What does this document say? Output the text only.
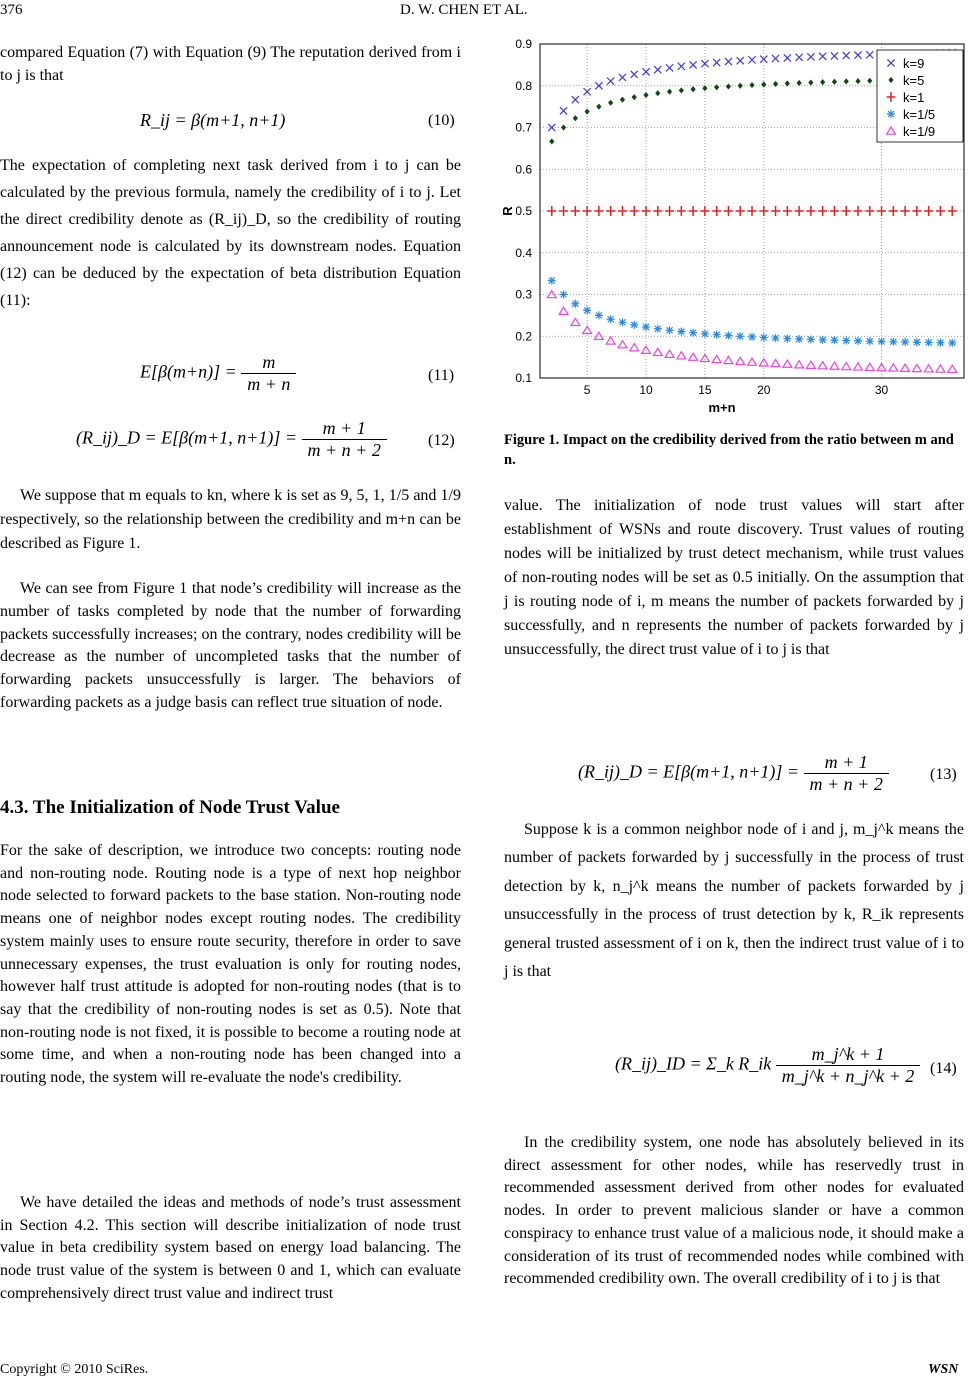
376	D. W. CHEN ET AL.

compared Equation (7) with Equation (9) The reputation derived from i to j is that

R_ij = β(m+1, n+1)	(10)

The expectation of completing next task derived from i to j can be calculated by the previous formula, namely the credibility of i to j. Let the direct credibility denote as (R_ij)_D, so the credibility of routing announcement node is calculated by its downstream nodes. Equation (12) can be deduced by the expectation of beta distribution Equation (11):

$E[\beta(m+n)] = \frac{m}{m + n}$	(11)
(R_ij)_D = E[β(m+1, $n+1)] = \frac{m + 1}{m + n + 2}$	(12)

We suppose that m equals to kn, where k is set as 9, 5, 1, 1/5 and 1/9 respectively, so the relationship between the credibility and m+n can be described as Figure 1.

We can see from Figure 1 that node’s credibility will increase as the number of tasks completed by node that the number of forwarding packets successfully increases; on the contrary, nodes credibility will be decrease as the number of uncompleted tasks that the number of forwarding packets unsuccessfully is larger. The behaviors of forwarding packets as a judge basis can reflect true situation of node.

4.3. The Initialization of Node Trust Value

For the sake of description, we introduce two concepts: routing node and non-routing node. Routing node is a type of next hop neighbor node selected to forward packets to the base station. Non-routing node means one of neighbor nodes except routing nodes. The credibility system mainly uses to ensure route security, therefore in order to save unnecessary expenses, the trust evaluation is only for routing nodes, however half trust attitude is adopted for non-routing nodes (that is to say that the credibility of non-routing nodes is set as 0.5). Note that non-routing node is not fixed, it is possible to become a routing node at some time, and when a non-routing node has been changed into a routing node, the system will re-evaluate the node's credibility.

We have detailed the ideas and methods of node’s trust assessment in Section 4.2. This section will describe initialization of node trust value in beta credibility system based on energy load balancing. The node trust value of the system is between 0 and 1, which can evaluate comprehensively direct trust value and indirect trust

0.1
0.2
0.3
0.4
0.5
0.6
0.7
0.8
0.9
5	10	15	20	30
m+n
R
k=9
k=5
k=1
k=1/5
k=1/9
Figure 1. Impact on the credibility derived from the ratio between m and n.

value. The initialization of node trust values will start after establishment of WSNs and route discovery. Trust values of routing nodes will be initialized by trust detect mechanism, while trust values of non-routing nodes will be set as 0.5 initially. On the assumption that j is routing node of i, m means the number of packets forwarded by j successfully, and n represents the number of packets forwarded by j unsuccessfully, the direct trust value of i to j is that

(R_ij)_D = E[β(m+1, $n+1)] = \frac{m + 1}{m + n + 2}$	(13)

Suppose k is a common neighbor node of i and j, m_j^k means the number of packets forwarded by j successfully in the process of trust detection by k, n_j^k means the number of packets forwarded by j unsuccessfully in the process of trust detection by k, R_ik represents general trusted assessment of i on k, then the indirect trust value of i to j is that

(R_ij)_ID = Σ_k R_ik $\frac{m\_j\^{}k + 1}{m\_j\^{}k + n\_j\^{}k + 2} (14)$

In the credibility system, one node has absolutely believed in its direct assessment for other nodes, while has reservedly trust in recommended assessment derived from other nodes for evaluated nodes. In order to prevent malicious slander or have a common conspiracy to enhance trust value of a malicious node, it should make a consideration of its trust of recommended nodes while combined with recommended credibility own. The overall credibility of i to j is that

Copyright © 2010 SciRes.	WSN
